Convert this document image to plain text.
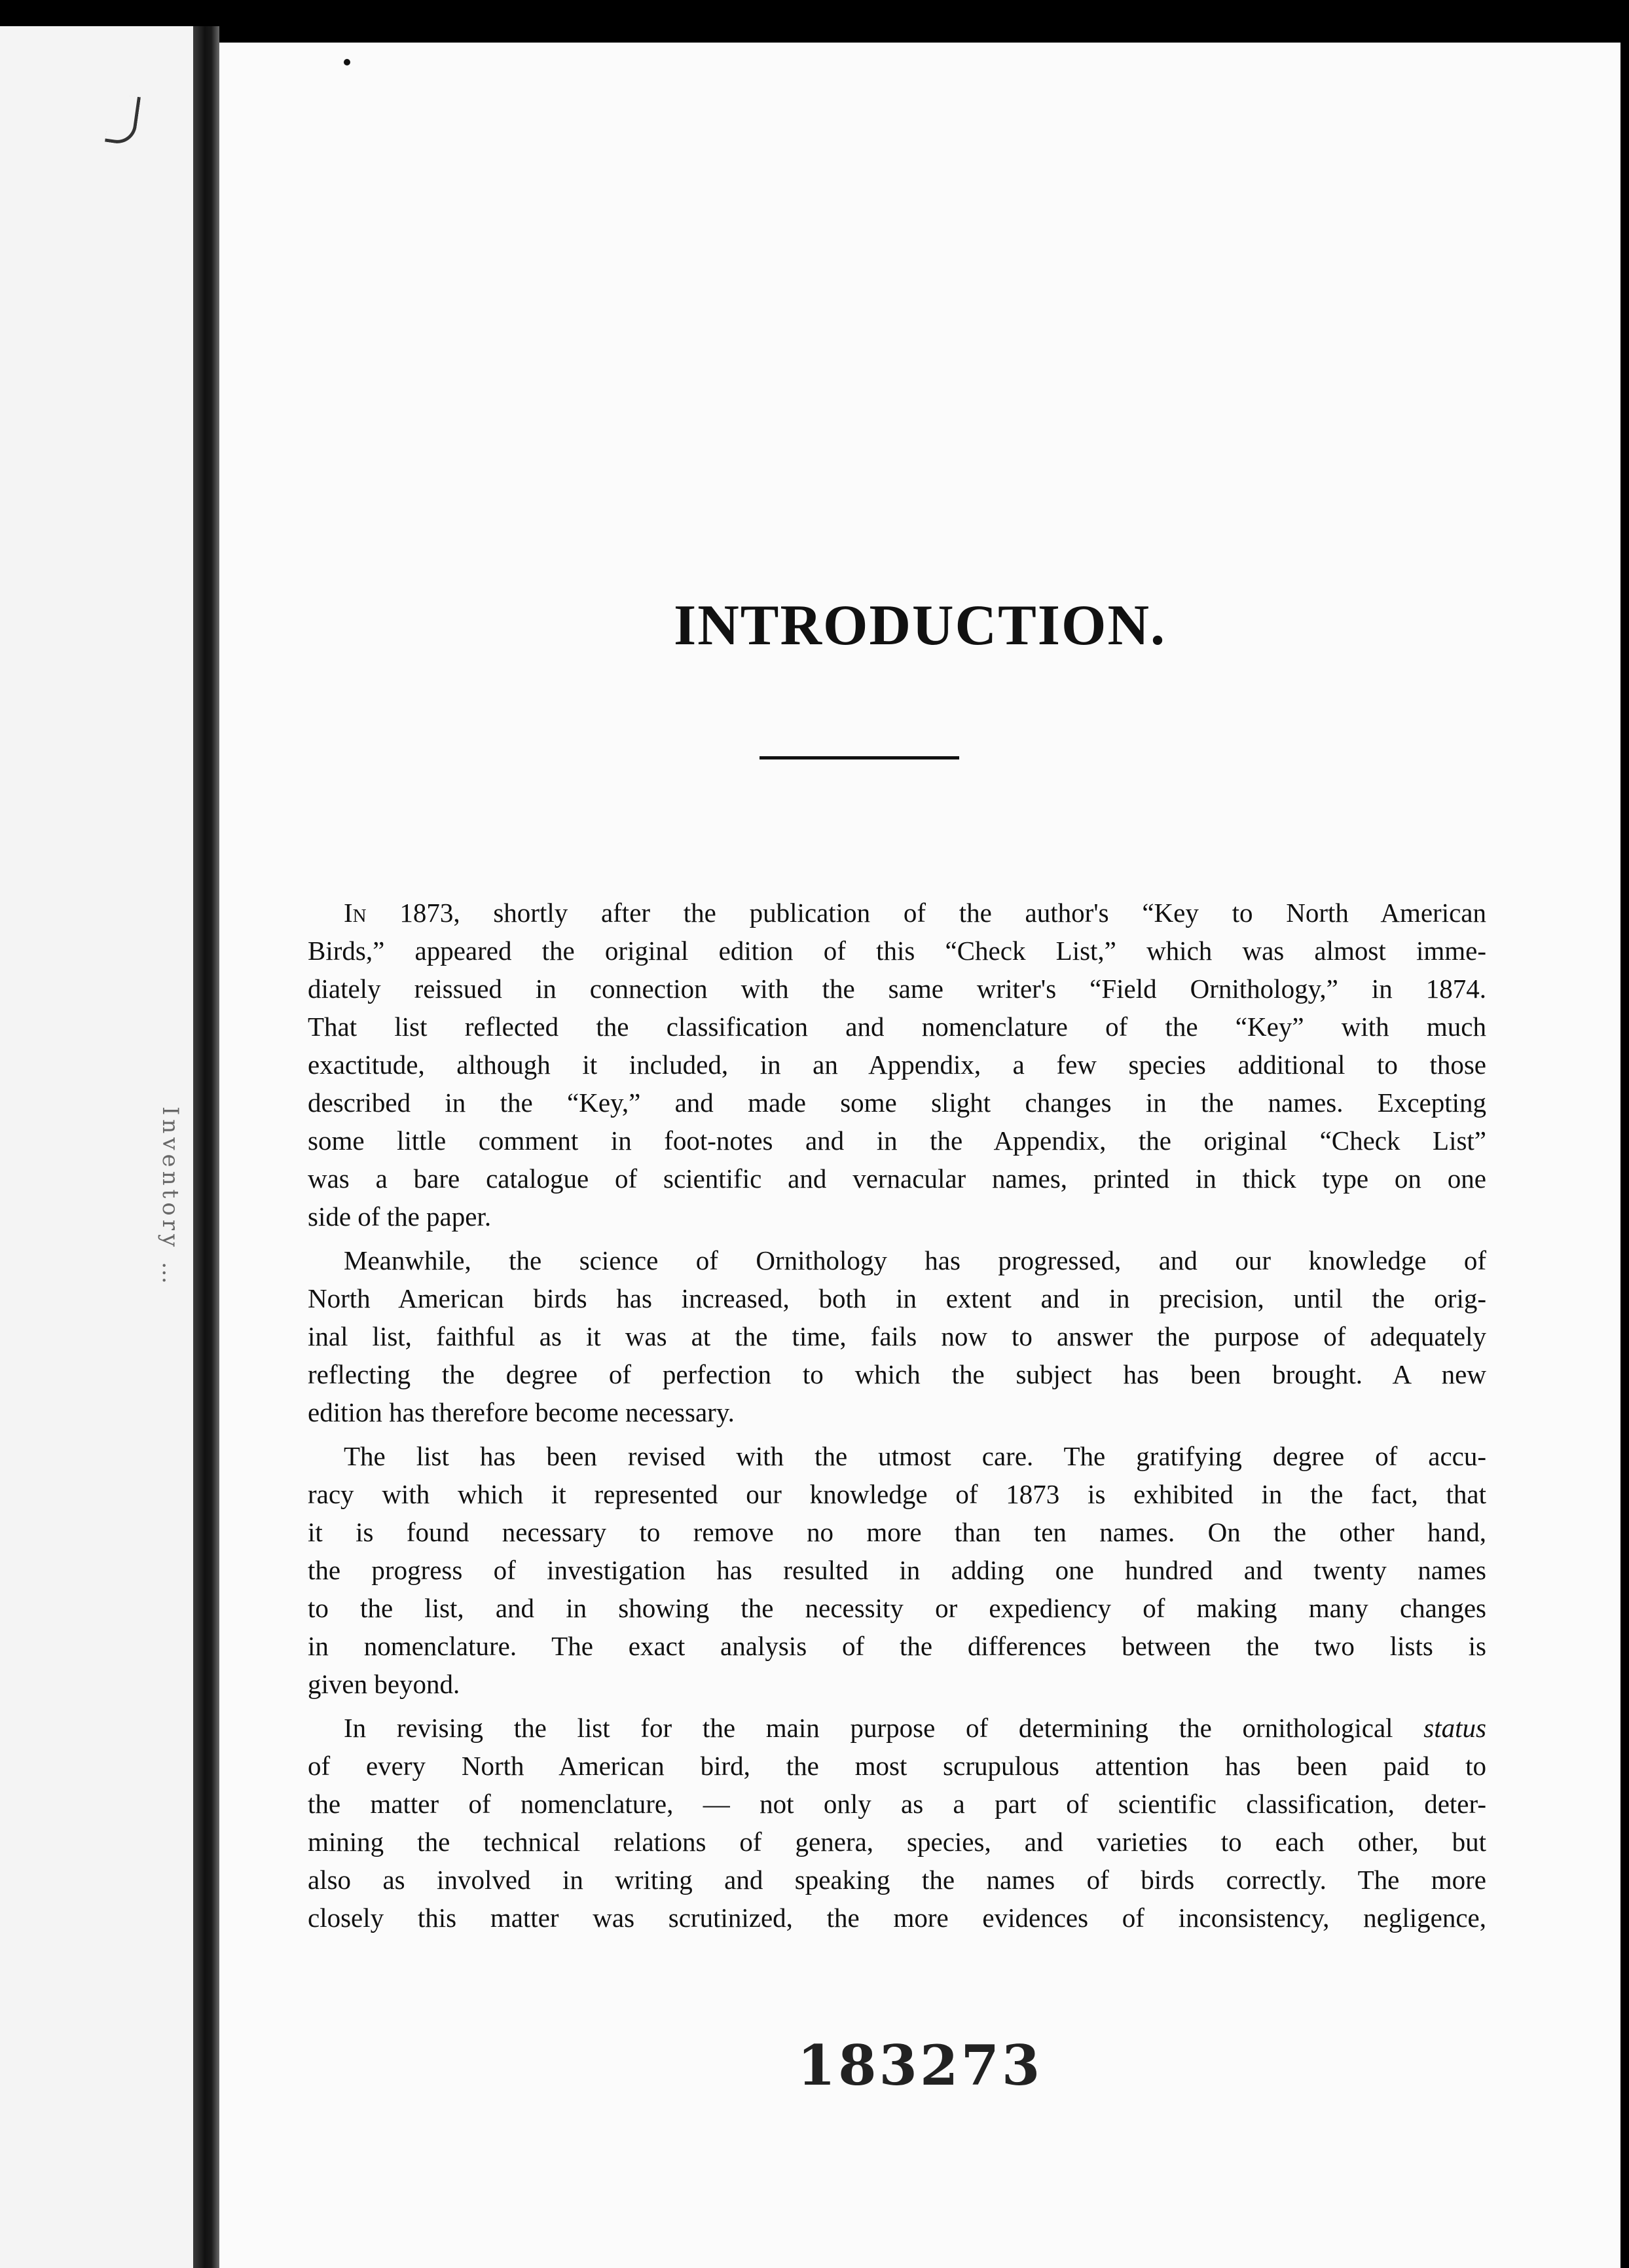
Inventory …
INTRODUCTION.

In 1873, shortly after the publication of the author's “Key to North American
Birds,” appeared the original edition of this “Check List,” which was almost imme-
diately reissued in connection with the same writer's “Field Ornithology,” in 1874.
That list reflected the classification and nomenclature of the “Key” with much
exactitude, although it included, in an Appendix, a few species additional to those
described in the “Key,” and made some slight changes in the names. Excepting
some little comment in foot-notes and in the Appendix, the original “Check List”
was a bare catalogue of scientific and vernacular names, printed in thick type on one
side of the paper.

Meanwhile, the science of Ornithology has progressed, and our knowledge of
North American birds has increased, both in extent and in precision, until the orig-
inal list, faithful as it was at the time, fails now to answer the purpose of adequately
reflecting the degree of perfection to which the subject has been brought. A new
edition has therefore become necessary.

The list has been revised with the utmost care. The gratifying degree of accu-
racy with which it represented our knowledge of 1873 is exhibited in the fact, that
it is found necessary to remove no more than ten names. On the other hand,
the progress of investigation has resulted in adding one hundred and twenty names
to the list, and in showing the necessity or expediency of making many changes
in nomenclature. The exact analysis of the differences between the two lists is
given beyond.

In revising the list for the main purpose of determining the ornithological status
of every North American bird, the most scrupulous attention has been paid to
the matter of nomenclature, — not only as a part of scientific classification, deter-
mining the technical relations of genera, species, and varieties to each other, but
also as involved in writing and speaking the names of birds correctly. The more
closely this matter was scrutinized, the more evidences of inconsistency, negligence,

183273
